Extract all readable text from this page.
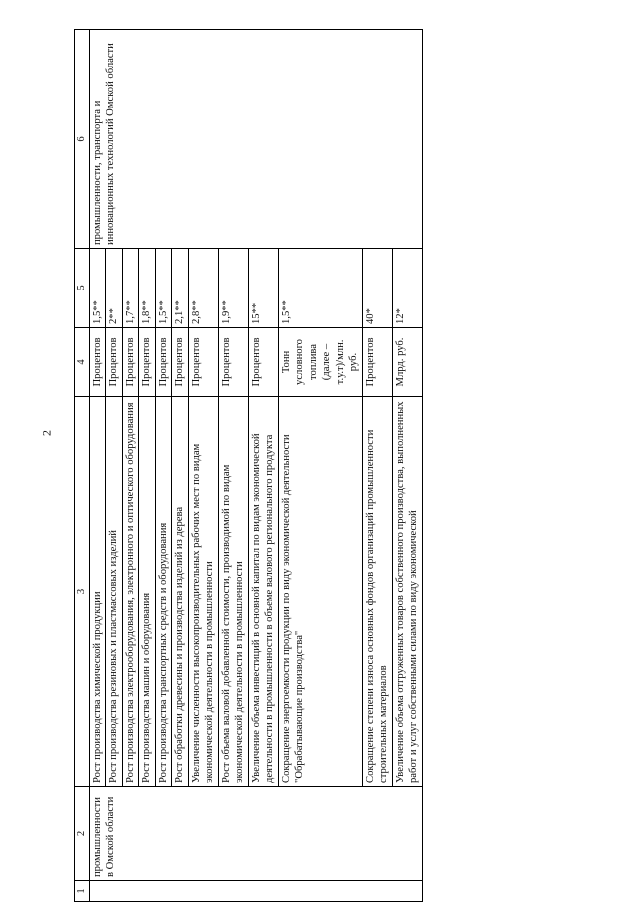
2
1	2	3	4	5	6
	промышленности в Омской области	Рост производства химической продукции	Процентов	1,5**	промышленности, транспорта и инновационных технологий Омской области
		Рост производства резиновых и пластмассовых изделий	Процентов	2**	
		Рост производства электрооборудования, электронного и оптического оборудования	Процентов	1,7**	
		Рост производства машин и оборудования	Процентов	1,8**	
		Рост производства транспортных средств и оборудования	Процентов	1,5**	
		Рост обработки древесины и производства изделий из дерева	Процентов	2,1**	
		Увеличение численности высокопроизводительных рабочих мест по видам экономической деятельности в промышленности	Процентов	2,8**	
		Рост объема валовой добавленной стоимости, производимой по видам экономической деятельности в промышленности	Процентов	1,9**	
		Увеличение объема инвестиций в основной капитал по видам экономической деятельности в промышленности в объеме валового регионального продукта	Процентов	15**	
		Сокращение энергоемкости продукции по виду экономической деятельности "Обрабатывающие производства"	Тонн условного топлива (далее – т.у.т)/млн. руб.	1,5**	
		Сокращение степени износа основных фондов организаций промышленности строительных материалов	Процентов	40*	
		Увеличение объема отгруженных товаров собственного производства, выполненных работ и услуг собственными силами по виду экономической	Млрд. руб.	12*	
